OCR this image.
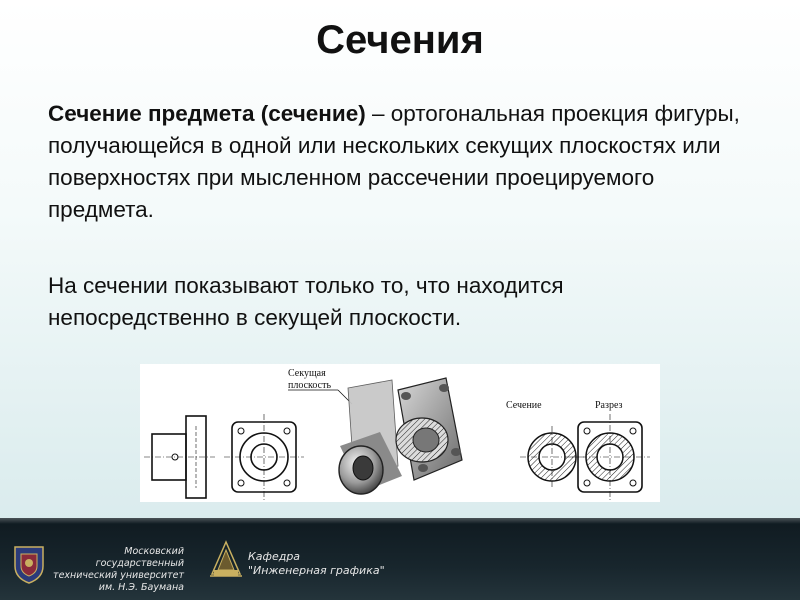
Сечения
Сечение предмета (сечение) – ортогональная проекция фигуры, получающейся в одной или нескольких секущих плоскостях или поверхностях при мысленном рассечении проецируемого предмета.
На сечении показывают только то, что находится непосредственно в секущей плоскости.
Секущая
плоскость
Сечение	Разрез
Московский государственный
технический университет
им. Н.Э. Баумана
Кафедра
"Инженерная графика"
